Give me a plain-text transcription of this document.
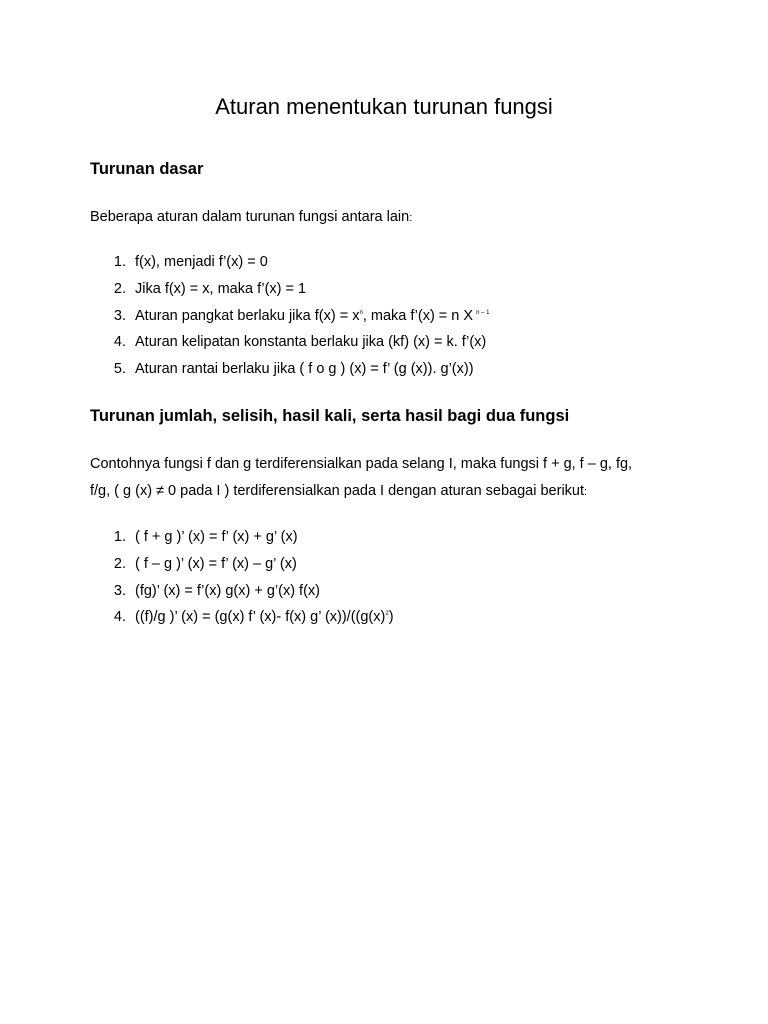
Aturan menentukan turunan fungsi
Turunan dasar

Beberapa aturan dalam turunan fungsi antara lain:

1. f(x), menjadi f’(x) = 0
2. Jika f(x) = x, maka f’(x) = 1
3. Aturan pangkat berlaku jika $f(x) = x^n$, maka f’(x) = n X $^{n - 1}$
4. Aturan kelipatan konstanta berlaku jika (kf) (x) = k. f’(x)
5. Aturan rantai berlaku jika ( f o g ) (x) = f’ (g (x)). g’(x))
Turunan jumlah, selisih, hasil kali, serta hasil bagi dua fungsi

Contohnya fungsi f dan g terdiferensialkan pada selang I, maka fungsi f + g, f – g, fg,
f/g, ( g (x) ≠ 0 pada I ) terdiferensialkan pada I dengan aturan sebagai berikut:

1. ( f + g )’ (x) = f’ (x) + g’ (x)
2. ( f – g )’ (x) = f’ (x) – g’ (x)
3. (fg)’ (x) = f’(x) g(x) + g’(x) f(x)
4. ((f)/g )’ (x) = (g(x) f’ (x)- f(x) g’ $(x))/((g(x)^2)$
